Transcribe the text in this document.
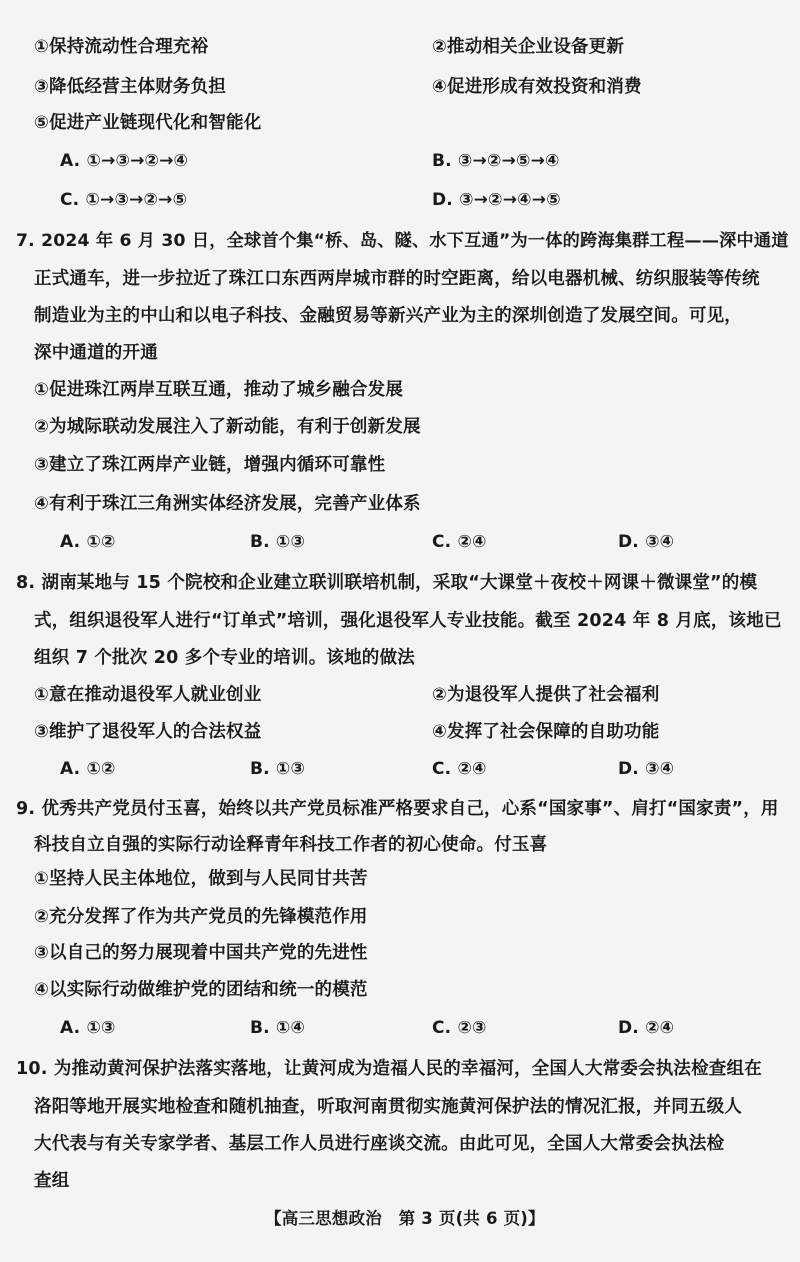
①保持流动性合理充裕	②推动相关企业设备更新
③降低经营主体财务负担	④促进形成有效投资和消费
⑤促进产业链现代化和智能化
A. ①→③→②→④	B. ③→②→⑤→④
C. ①→③→②→⑤	D. ③→②→④→⑤
7. 2024 年 6 月 30 日，全球首个集“桥、岛、隧、水下互通”为一体的跨海集群工程——深中通道
正式通车，进一步拉近了珠江口东西两岸城市群的时空距离，给以电器机械、纺织服装等传统
制造业为主的中山和以电子科技、金融贸易等新兴产业为主的深圳创造了发展空间。可见，
深中通道的开通
①促进珠江两岸互联互通，推动了城乡融合发展
②为城际联动发展注入了新动能，有利于创新发展
③建立了珠江两岸产业链，增强内循环可靠性
④有利于珠江三角洲实体经济发展，完善产业体系
A. ①②	B. ①③	C. ②④	D. ③④
8. 湖南某地与 15 个院校和企业建立联训联培机制，采取“大课堂＋夜校＋网课＋微课堂”的模
式，组织退役军人进行“订单式”培训，强化退役军人专业技能。截至 2024 年 8 月底，该地已
组织 7 个批次 20 多个专业的培训。该地的做法
①意在推动退役军人就业创业	②为退役军人提供了社会福利
③维护了退役军人的合法权益	④发挥了社会保障的自助功能
A. ①②	B. ①③	C. ②④	D. ③④
9. 优秀共产党员付玉喜，始终以共产党员标准严格要求自己，心系“国家事”、肩打“国家责”，用
科技自立自强的实际行动诠释青年科技工作者的初心使命。付玉喜
①坚持人民主体地位，做到与人民同甘共苦
②充分发挥了作为共产党员的先锋模范作用
③以自己的努力展现着中国共产党的先进性
④以实际行动做维护党的团结和统一的模范
A. ①③	B. ①④	C. ②③	D. ②④
10. 为推动黄河保护法落实落地，让黄河成为造福人民的幸福河，全国人大常委会执法检查组在
洛阳等地开展实地检查和随机抽查，听取河南贯彻实施黄河保护法的情况汇报，并同五级人
大代表与有关专家学者、基层工作人员进行座谈交流。由此可见，全国人大常委会执法检
查组
【高三思想政治　第 3 页(共 6 页)】
